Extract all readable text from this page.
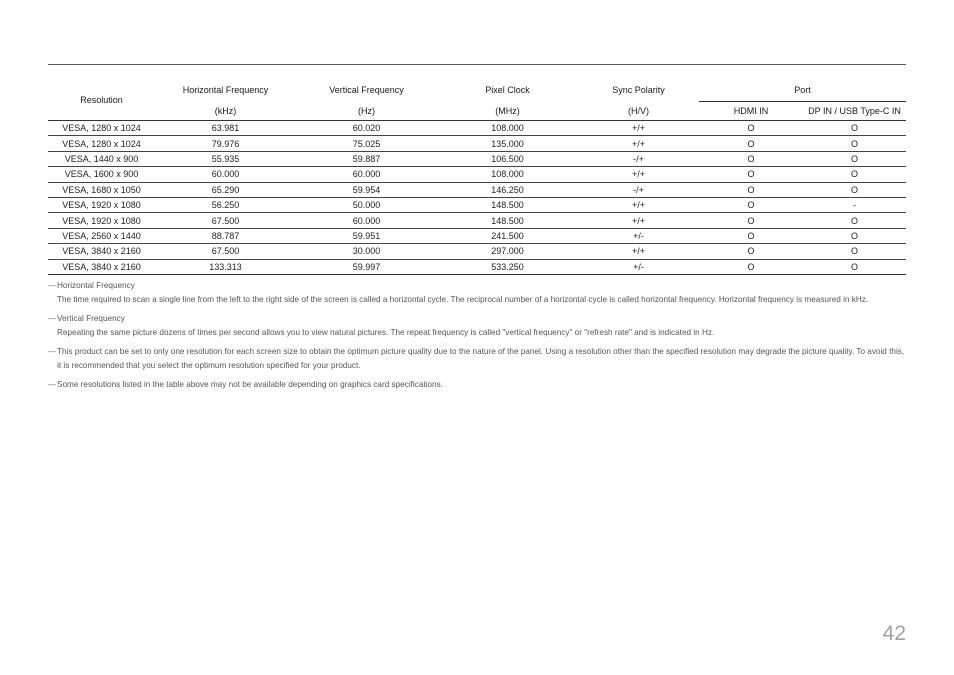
Resolution	Horizontal Frequency	Vertical Frequency	Pixel Clock	Sync Polarity	Port	
	(kHz)	(Hz)	(MHz)	(H/V)	HDMI IN	DP IN / USB Type-C IN
VESA, 1280 x 1024	63.981	60.020	108.000	+/+	O	O
VESA, 1280 x 1024	79.976	75.025	135.000	+/+	O	O
VESA, 1440 x 900	55.935	59.887	106.500	-/+	O	O
VESA, 1600 x 900	60.000	60.000	108.000	+/+	O	O
VESA, 1680 x 1050	65.290	59.954	146.250	-/+	O	O
VESA, 1920 x 1080	56.250	50.000	148.500	+/+	O	-
VESA, 1920 x 1080	67.500	60.000	148.500	+/+	O	O
VESA, 2560 x 1440	88.787	59.951	241.500	+/-	O	O
VESA, 3840 x 2160	67.500	30.000	297.000	+/+	O	O
VESA, 3840 x 2160	133.313	59.997	533.250	+/-	O	O
― Horizontal Frequency

The time required to scan a single line from the left to the right side of the screen is called a horizontal cycle. The reciprocal number of a horizontal cycle is called horizontal frequency. Horizontal frequency is measured in kHz.

― Vertical Frequency

Repeating the same picture dozens of times per second allows you to view natural pictures. The repeat frequency is called "vertical frequency" or "refresh rate" and is indicated in Hz.

― This product can be set to only one resolution for each screen size to obtain the optimum picture quality due to the nature of the panel. Using a resolution other than the specified resolution may degrade the picture quality. To avoid this, it is recommended that you select the optimum resolution specified for your product.

― Some resolutions listed in the table above may not be available depending on graphics card specifications.

42
